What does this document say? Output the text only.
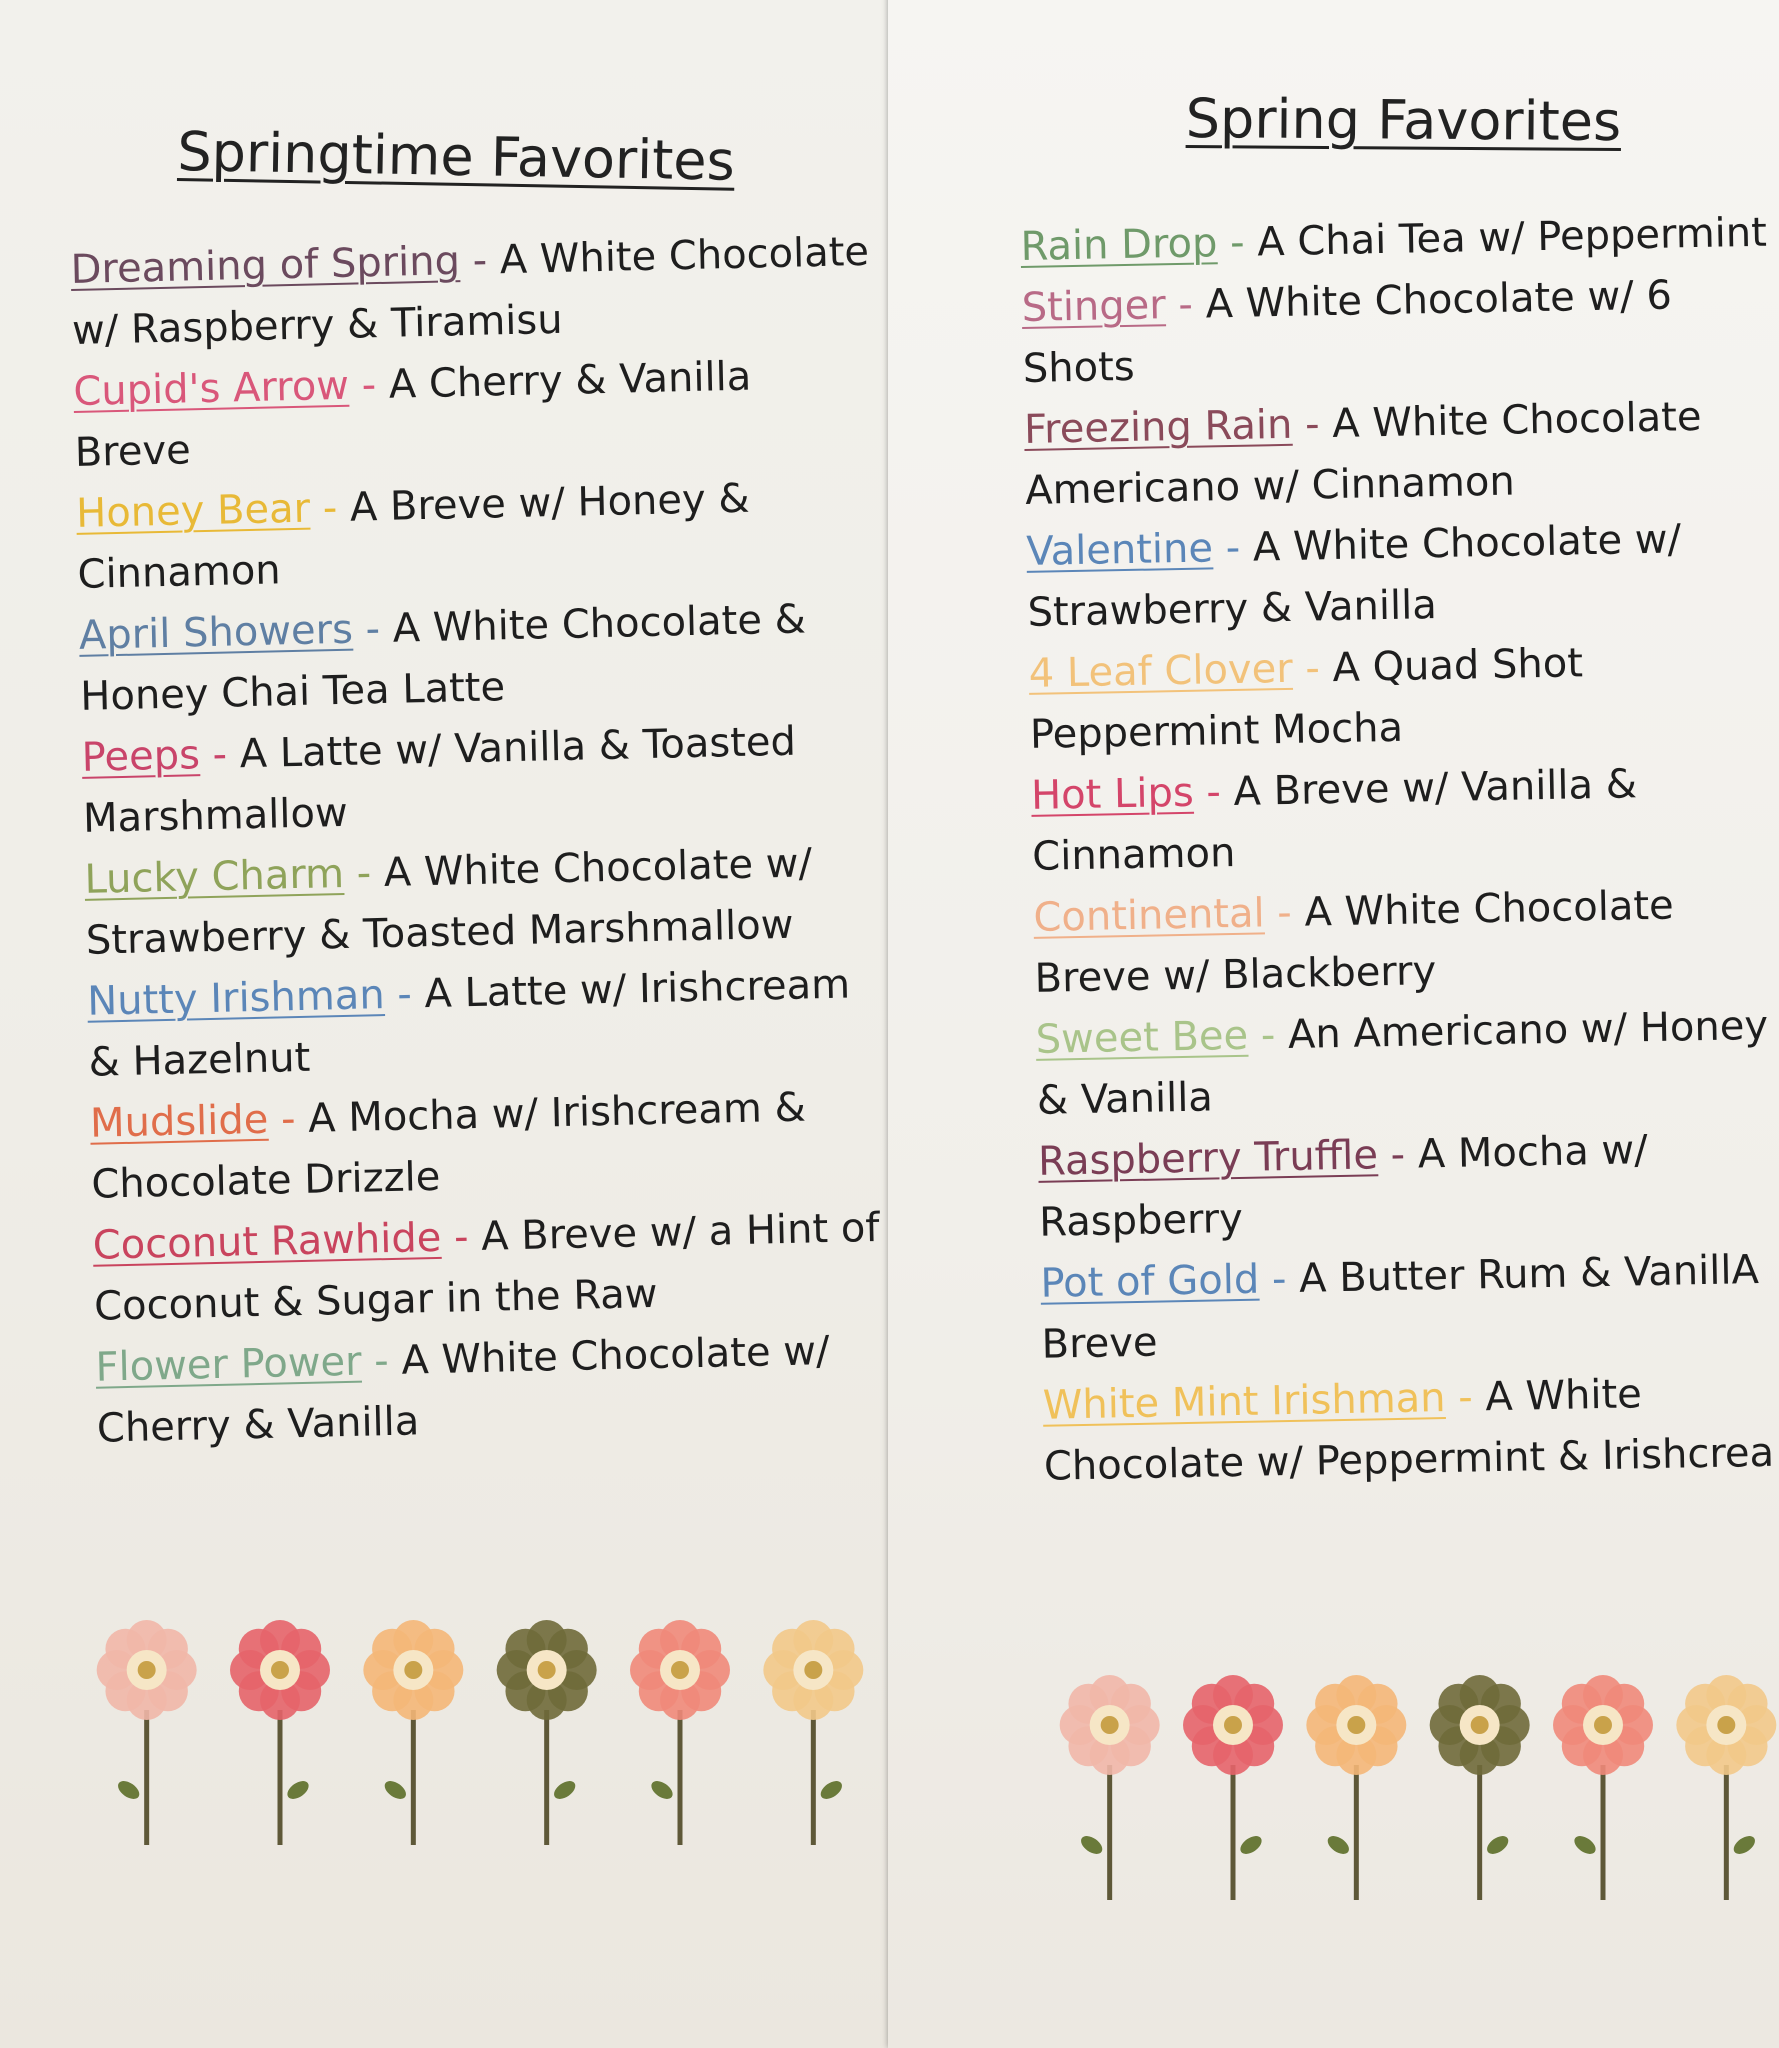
Springtime Favorites
Dreaming of Spring - A White Chocolate w/ Raspberry & Tiramisu
Cupid's Arrow - A Cherry & Vanilla Breve
Honey Bear - A Breve w/ Honey & Cinnamon
April Showers - A White Chocolate & Honey Chai Tea Latte
Peeps - A Latte w/ Vanilla & Toasted Marshmallow
Lucky Charm - A White Chocolate w/ Strawberry & Toasted Marshmallow
Nutty Irishman - A Latte w/ Irishcream & Hazelnut
Mudslide - A Mocha w/ Irishcream & Chocolate Drizzle
Coconut Rawhide - A Breve w/ a Hint of Coconut & Sugar in the Raw
Flower Power - A White Chocolate w/ Cherry & Vanilla
Spring Favorites
Rain Drop - A Chai Tea w/ Peppermint
Stinger - A White Chocolate w/ 6 Shots
Freezing Rain - A White Chocolate Americano w/ Cinnamon
Valentine - A White Chocolate w/ Strawberry & Vanilla
4 Leaf Clover - A Quad Shot Peppermint Mocha
Hot Lips - A Breve w/ Vanilla & Cinnamon
Continental - A White Chocolate Breve w/ Blackberry
Sweet Bee - An Americano w/ Honey & Vanilla
Raspberry Truffle - A Mocha w/ Raspberry
Pot of Gold - A Butter Rum & VanillA Breve
White Mint Irishman - A White Chocolate w/ Peppermint & Irishcrea
